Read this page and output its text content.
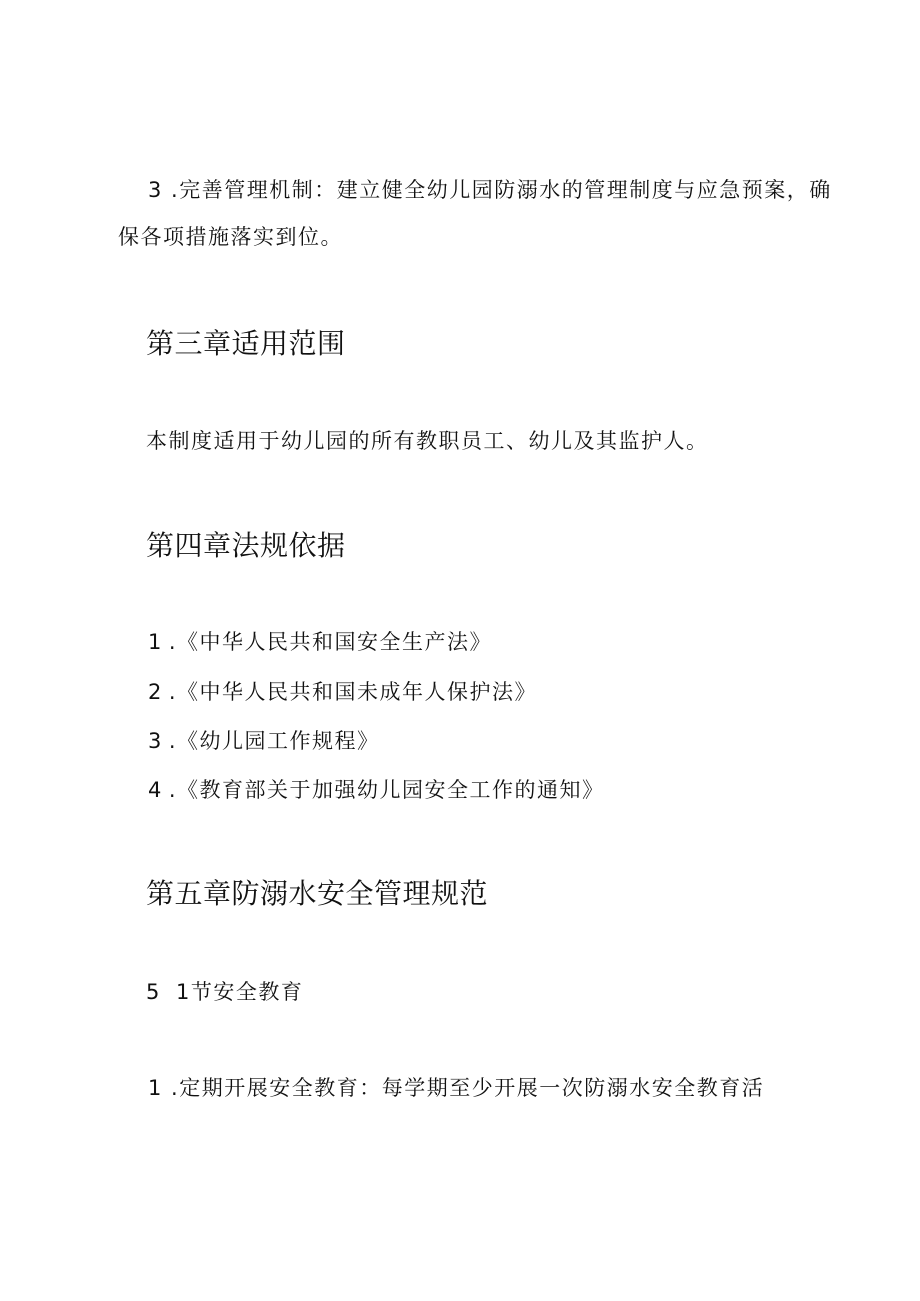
3 .完善管理机制：建立健全幼儿园防溺水的管理制度与应急预案，确

保各项措施落实到位。

第三章适用范围

本制度适用于幼儿园的所有教职员工、幼儿及其监护人。

第四章法规依据

1 .《中华人民共和国安全生产法》

2 .《中华人民共和国未成年人保护法》

3 .《幼儿园工作规程》

4 .《教育部关于加强幼儿园安全工作的通知》

第五章防溺水安全管理规范

5 1节安全教育

1 .定期开展安全教育：每学期至少开展一次防溺水安全教育活
